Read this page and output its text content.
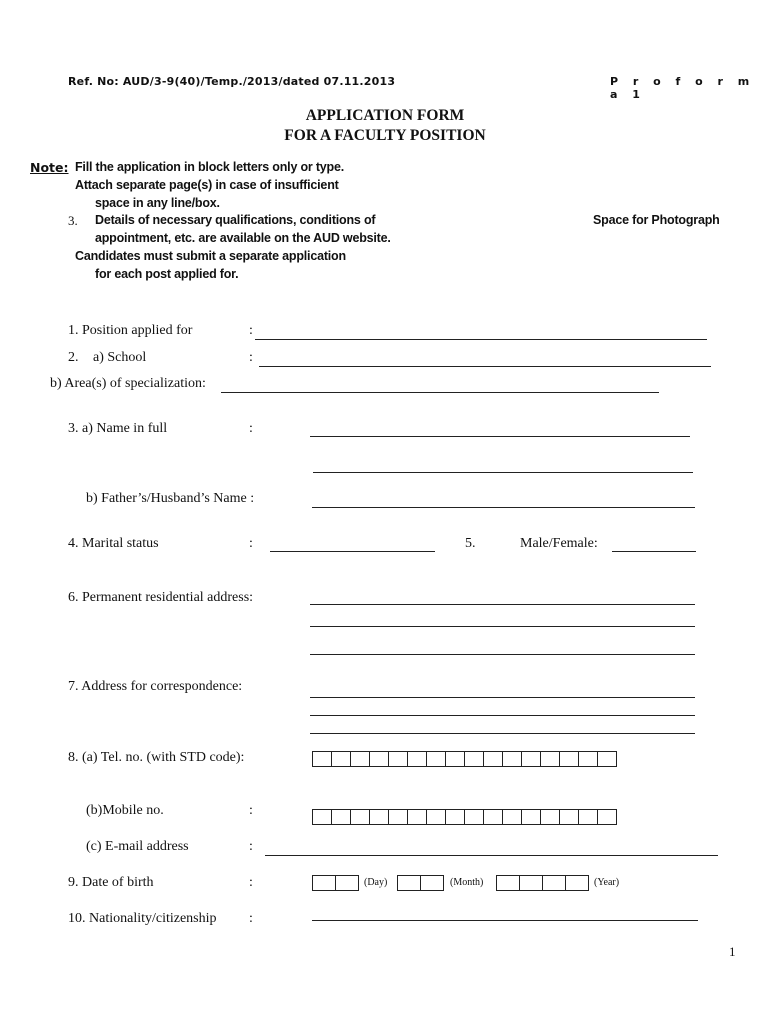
Ref. No: AUD/3-9(40)/Temp./2013/dated 07.11.2013	P r o f o r m a 1
APPLICATION FORM
FOR A FACULTY POSITION
Note: Fill the application in block letters only or type.
Attach separate page(s) in case of insufficient
space in any line/box.
3. Details of necessary qualifications, conditions of
appointment, etc. are available on the AUD website.
Candidates must submit a separate application
for each post applied for.
Space for Photograph
1. Position applied for	:
2. a) School	:
b) Area(s) of specialization:
3. a) Name in full	:
b) Father’s/Husband’s Name :
4. Marital status	:	5.	Male/Female:
6. Permanent residential address:
7. Address for correspondence:
8. (a) Tel. no. (with STD code):
(b)Mobile no.	:
(c) E-mail address	:
9. Date of birth	:	(Day)	(Month)	(Year)
10. Nationality/citizenship :
1
